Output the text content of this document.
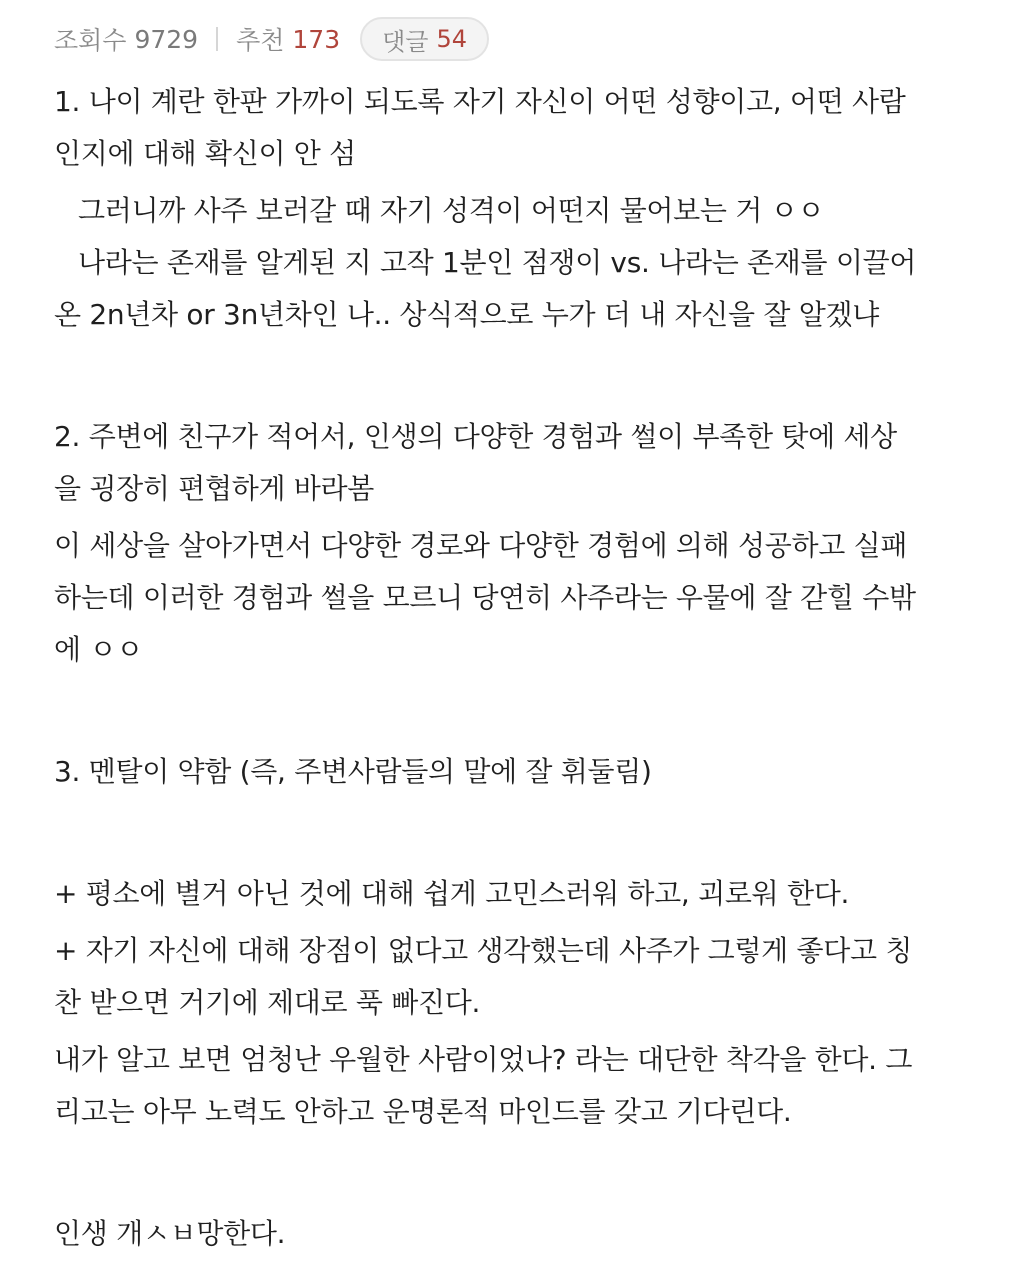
조회수 9729 추천 173 댓글 54
1. 나이 계란 한판 가까이 되도록 자기 자신이 어떤 성향이고, 어떤 사람
인지에 대해 확신이 안 섬
그러니까 사주 보러갈 때 자기 성격이 어떤지 물어보는 거 ㅇㅇ
나라는 존재를 알게된 지 고작 1분인 점쟁이 vs. 나라는 존재를 이끌어
온 2n년차 or 3n년차인 나.. 상식적으로 누가 더 내 자신을 잘 알겠냐
2. 주변에 친구가 적어서, 인생의 다양한 경험과 썰이 부족한 탓에 세상
을 굉장히 편협하게 바라봄
이 세상을 살아가면서 다양한 경로와 다양한 경험에 의해 성공하고 실패
하는데 이러한 경험과 썰을 모르니 당연히 사주라는 우물에 잘 갇힐 수밖
에 ㅇㅇ
3. 멘탈이 약함 (즉, 주변사람들의 말에 잘 휘둘림)
+ 평소에 별거 아닌 것에 대해 쉽게 고민스러워 하고, 괴로워 한다.
+ 자기 자신에 대해 장점이 없다고 생각했는데 사주가 그렇게 좋다고 칭
찬 받으면 거기에 제대로 푹 빠진다.
내가 알고 보면 엄청난 우월한 사람이었나? 라는 대단한 착각을 한다. 그
리고는 아무 노력도 안하고 운명론적 마인드를 갖고 기다린다.
인생 개ㅅㅂ망한다.
